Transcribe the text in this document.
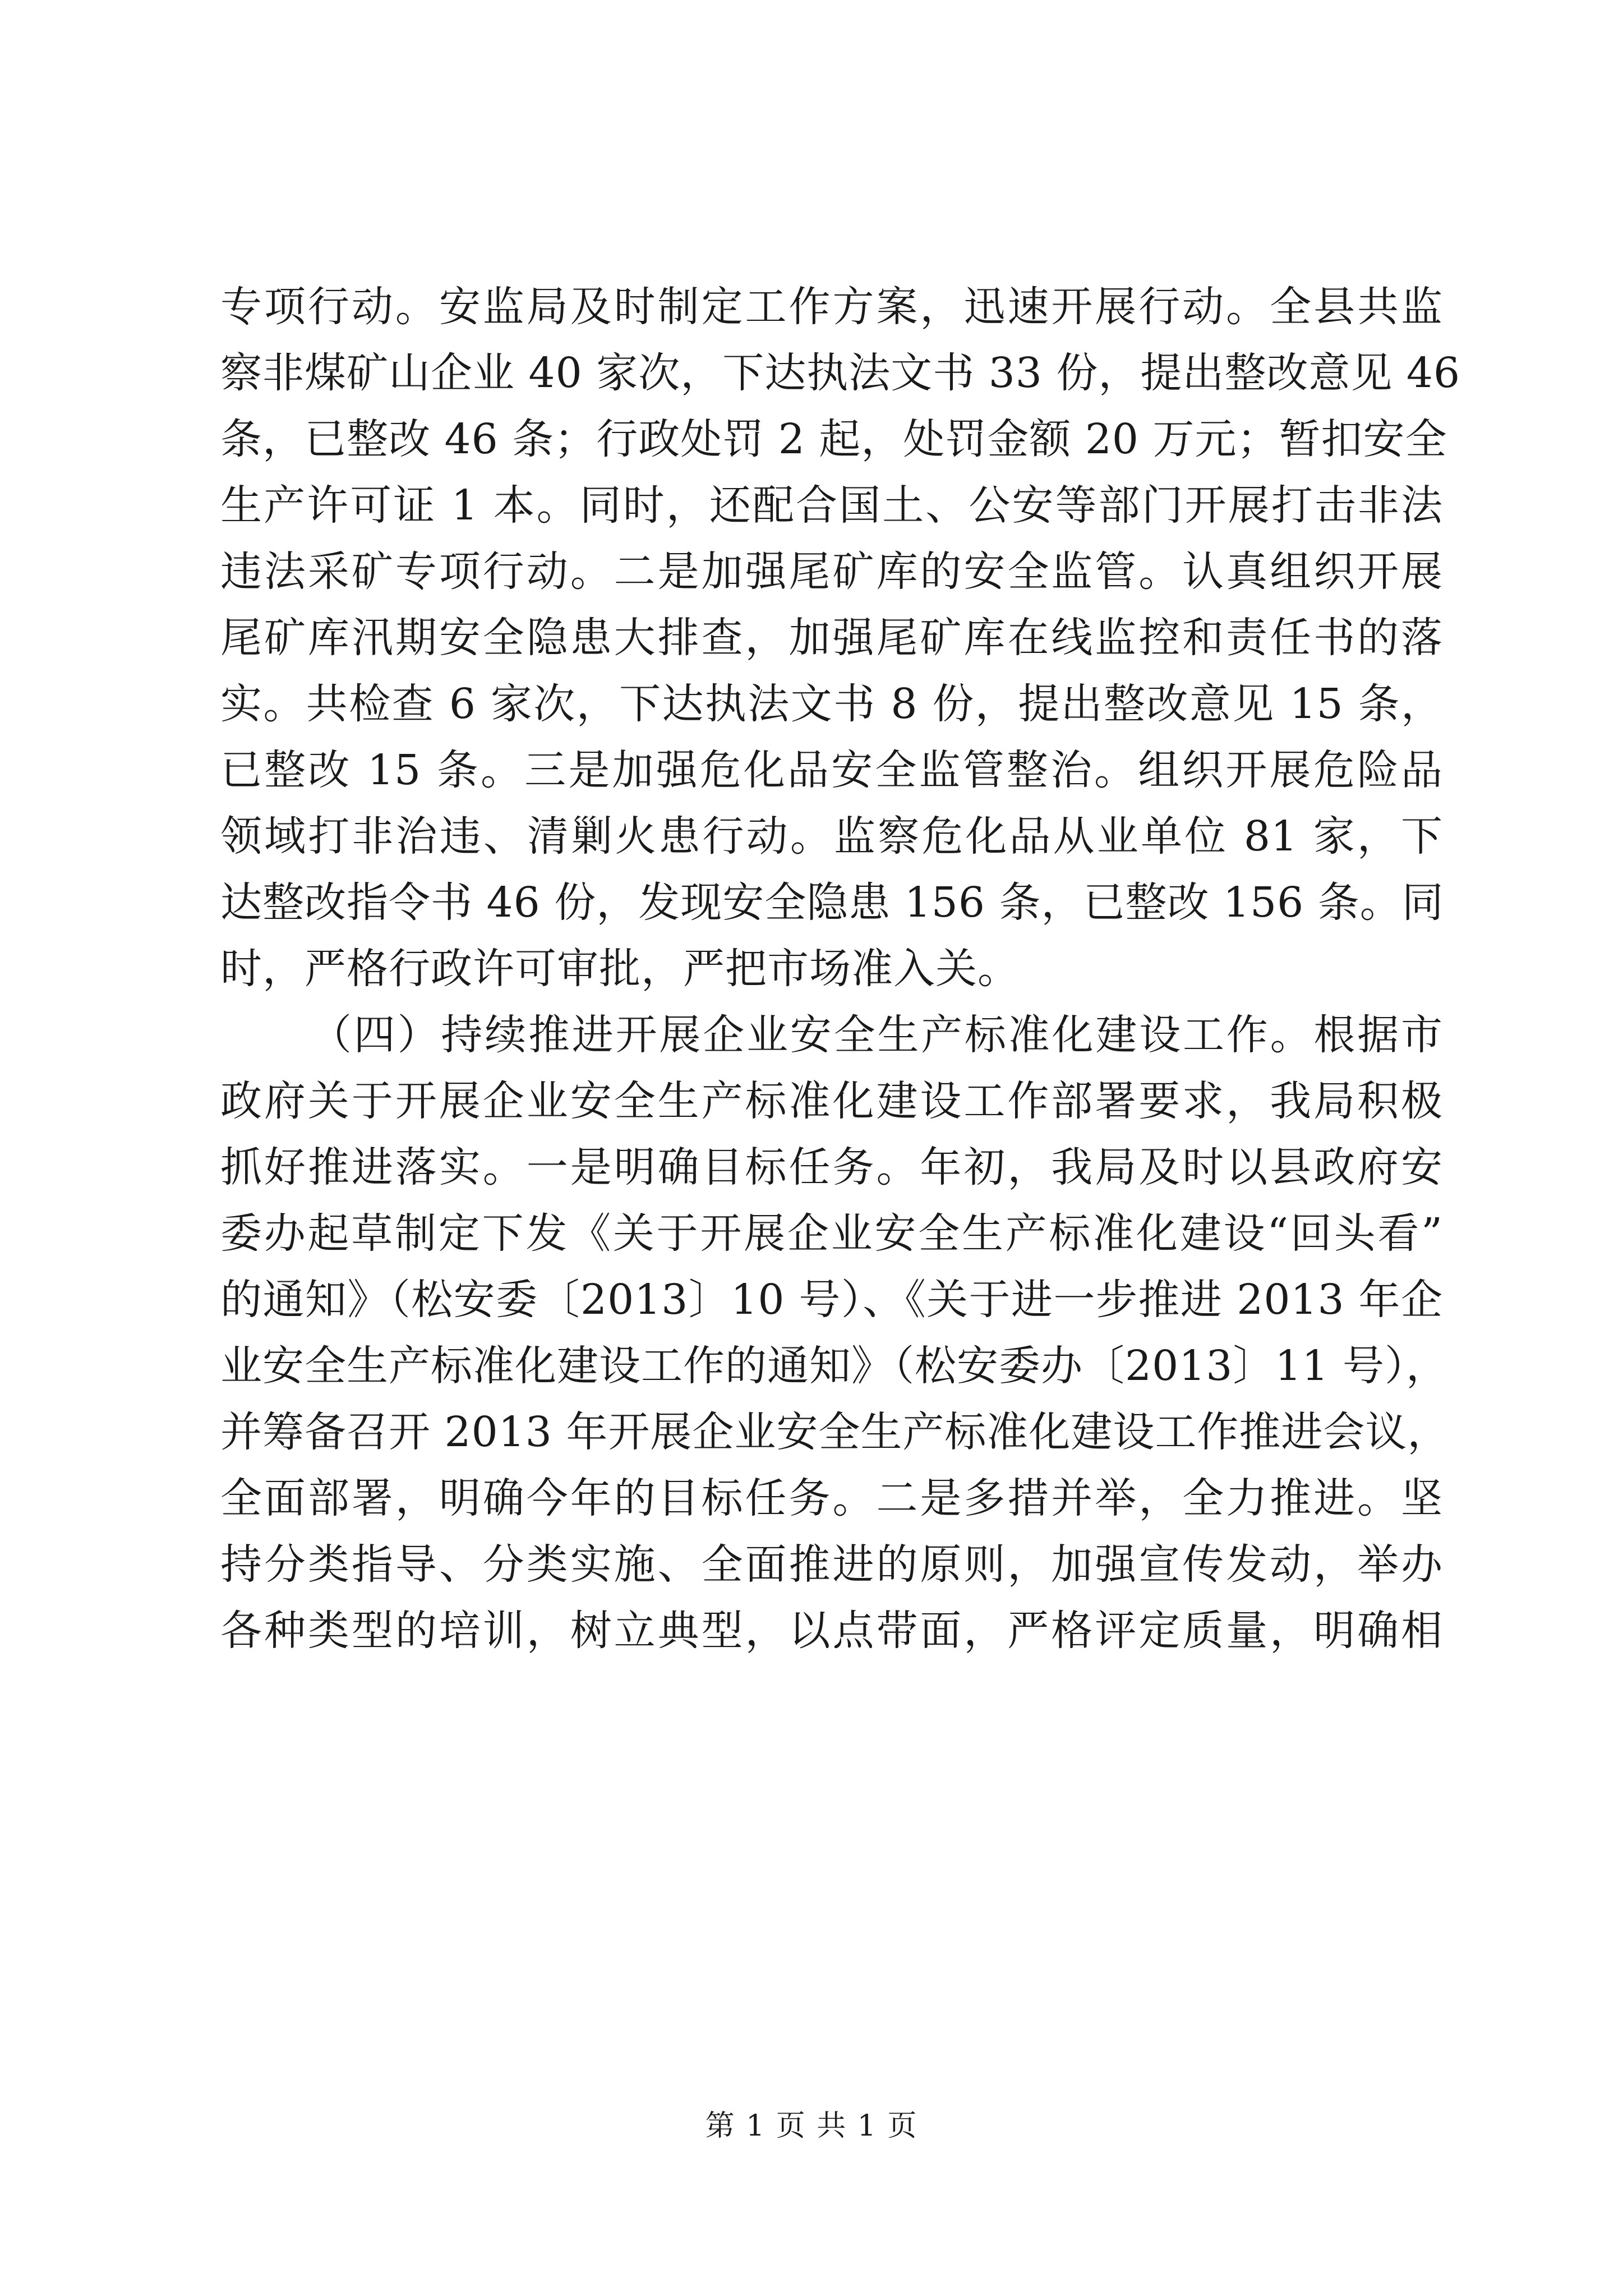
专项行动。安监局及时制定工作方案，迅速开展行动。全县共监
察非煤矿山企业 40 家次，下达执法文书 33 份，提出整改意见 46
条，已整改 46 条；行政处罚 2 起，处罚金额 20 万元；暂扣安全
生产许可证 1 本。同时，还配合国土、公安等部门开展打击非法
违法采矿专项行动。二是加强尾矿库的安全监管。认真组织开展
尾矿库汛期安全隐患大排查，加强尾矿库在线监控和责任书的落
实。共检查 6 家次，下达执法文书 8 份，提出整改意见 15 条，
已整改 15 条。三是加强危化品安全监管整治。组织开展危险品
领域打非治违、清剿火患行动。监察危化品从业单位 81 家，下
达整改指令书 46 份，发现安全隐患 156 条，已整改 156 条。同
时，严格行政许可审批，严把市场准入关。
（四）持续推进开展企业安全生产标准化建设工作。根据市
政府关于开展企业安全生产标准化建设工作部署要求，我局积极
抓好推进落实。一是明确目标任务。年初，我局及时以县政府安
委办起草制定下发《关于开展企业安全生产标准化建设“回头看”
的通知》（松安委〔2013〕10 号）、《关于进一步推进 2013 年企
业安全生产标准化建设工作的通知》（松安委办〔2013〕11 号），
并筹备召开 2013 年开展企业安全生产标准化建设工作推进会议，
全面部署，明确今年的目标任务。二是多措并举，全力推进。坚
持分类指导、分类实施、全面推进的原则，加强宣传发动，举办
各种类型的培训，树立典型，以点带面，严格评定质量，明确相
第 1 页 共 1 页
